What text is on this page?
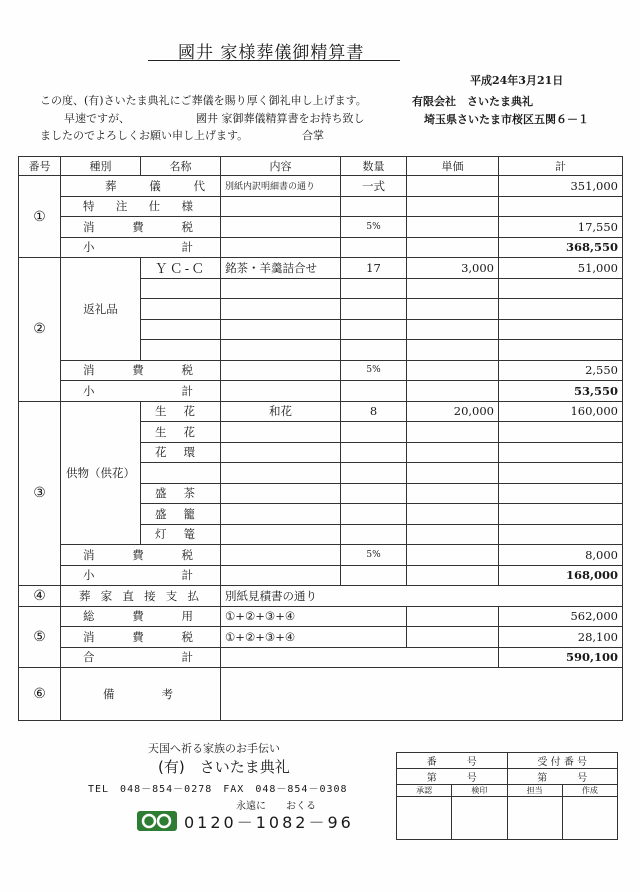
國井 家様葬儀御精算書
この度、(有)さいたま典礼にご葬儀を賜り厚く御礼申し上げます。
早速ですが、	國井 家御葬儀精算書をお持ち致し
ましたのでよろしくお願い申し上げます。	合掌
平成24年3月21日
有限会社　さいたま典礼
埼玉県さいたま市桜区五関６－１
番号	種別	名称	内容	数量	単価	計
①	葬儀代		別紙内訳明細書の通り	一式		351,000

	特注仕様					

	消費税			5%		17,550

	小計					368,550
②	返礼品	ＹＣ-Ｃ	銘茶・羊羹詰合せ	17	3,000	51,000

	消費税			5%		2,550

	小計					53,550
③	供物（供花）	生花	和花	8	20,000	160,000

		生花				

		花環				

		盛茶				

		盛籠				

		灯篭				

	消費税			5%		8,000

	小計					168,000
④	葬家直接支払		別紙見積書の通り			
⑤	総費用		①+②+③+④			562,000

	消費税		①+②+③+④			28,100

	合計					590,100
⑥	備考					

天国へ祈る家族のお手伝い
(有)　さいたま典礼
TEL　048－854－0278　FAX　048－854－0308
永遠に　　おくる
0120－1082－96
番　　　号		受 付 番 号	
第　　　号		第　　　号	
承認	検印	担当	作成
